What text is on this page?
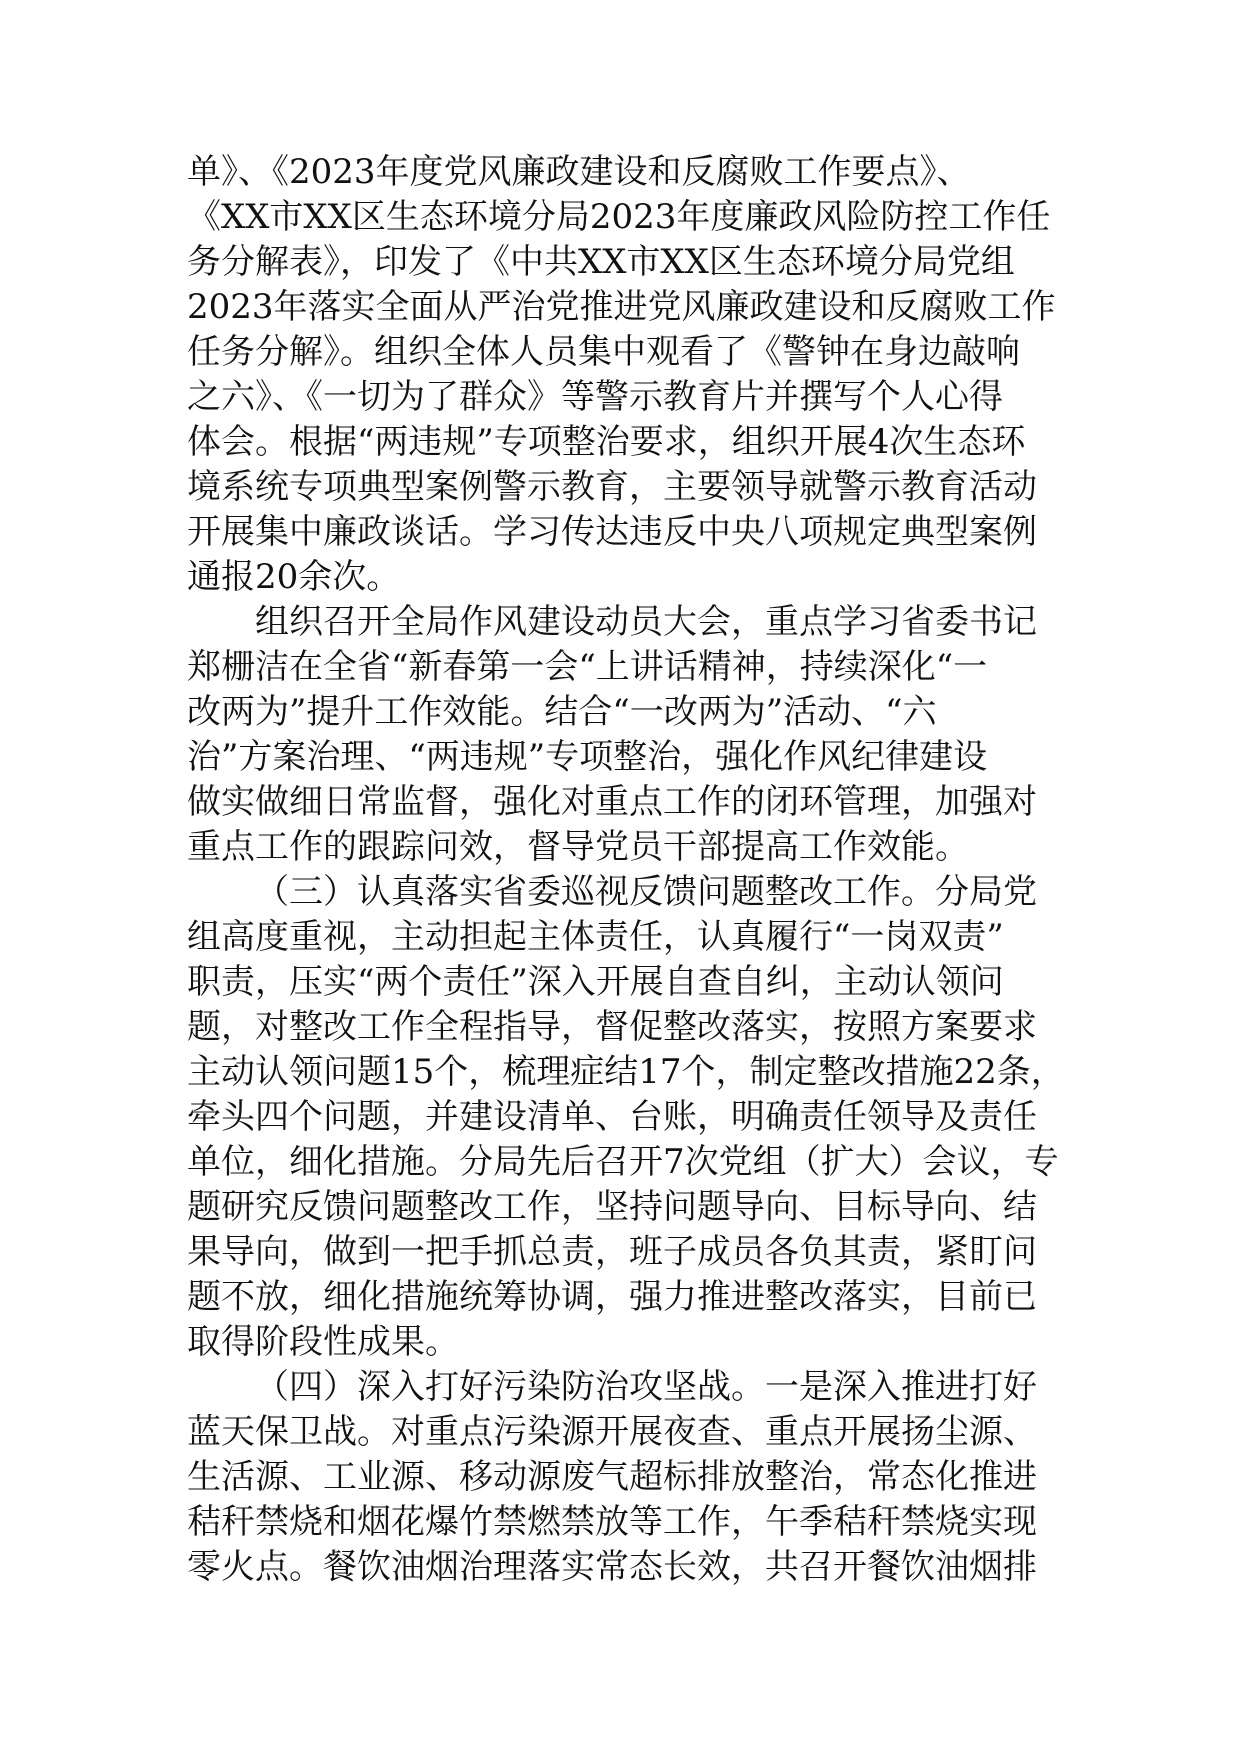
单》、《2023年度党风廉政建设和反腐败工作要点》、
《XX市XX区生态环境分局2023年度廉政风险防控工作任
务分解表》，印发了《中共XX市XX区生态环境分局党组
2023年落实全面从严治党推进党风廉政建设和反腐败工作
任务分解》。组织全体人员集中观看了《警钟在身边敲响
之六》、《一切为了群众》等警示教育片并撰写个人心得
体会。根据“两违规”专项整治要求，组织开展4次生态环
境系统专项典型案例警示教育，主要领导就警示教育活动
开展集中廉政谈话。学习传达违反中央八项规定典型案例
通报20余次。
组织召开全局作风建设动员大会，重点学习省委书记
郑栅洁在全省“新春第一会“上讲话精神，持续深化“一
改两为”提升工作效能。结合“一改两为”活动、“六
治”方案治理、“两违规”专项整治，强化作风纪律建设
做实做细日常监督，强化对重点工作的闭环管理，加强对
重点工作的跟踪问效，督导党员干部提高工作效能。
（三）认真落实省委巡视反馈问题整改工作。分局党
组高度重视，主动担起主体责任，认真履行“一岗双责”
职责，压实“两个责任”深入开展自查自纠，主动认领问
题，对整改工作全程指导，督促整改落实，按照方案要求
主动认领问题15个，梳理症结17个，制定整改措施22条，
牵头四个问题，并建设清单、台账，明确责任领导及责任
单位，细化措施。分局先后召开7次党组（扩大）会议，专
题研究反馈问题整改工作，坚持问题导向、目标导向、结
果导向，做到一把手抓总责，班子成员各负其责，紧盯问
题不放，细化措施统筹协调，强力推进整改落实，目前已
取得阶段性成果。
（四）深入打好污染防治攻坚战。一是深入推进打好
蓝天保卫战。对重点污染源开展夜查、重点开展扬尘源、
生活源、工业源、移动源废气超标排放整治，常态化推进
秸秆禁烧和烟花爆竹禁燃禁放等工作，午季秸秆禁烧实现
零火点。餐饮油烟治理落实常态长效，共召开餐饮油烟排
